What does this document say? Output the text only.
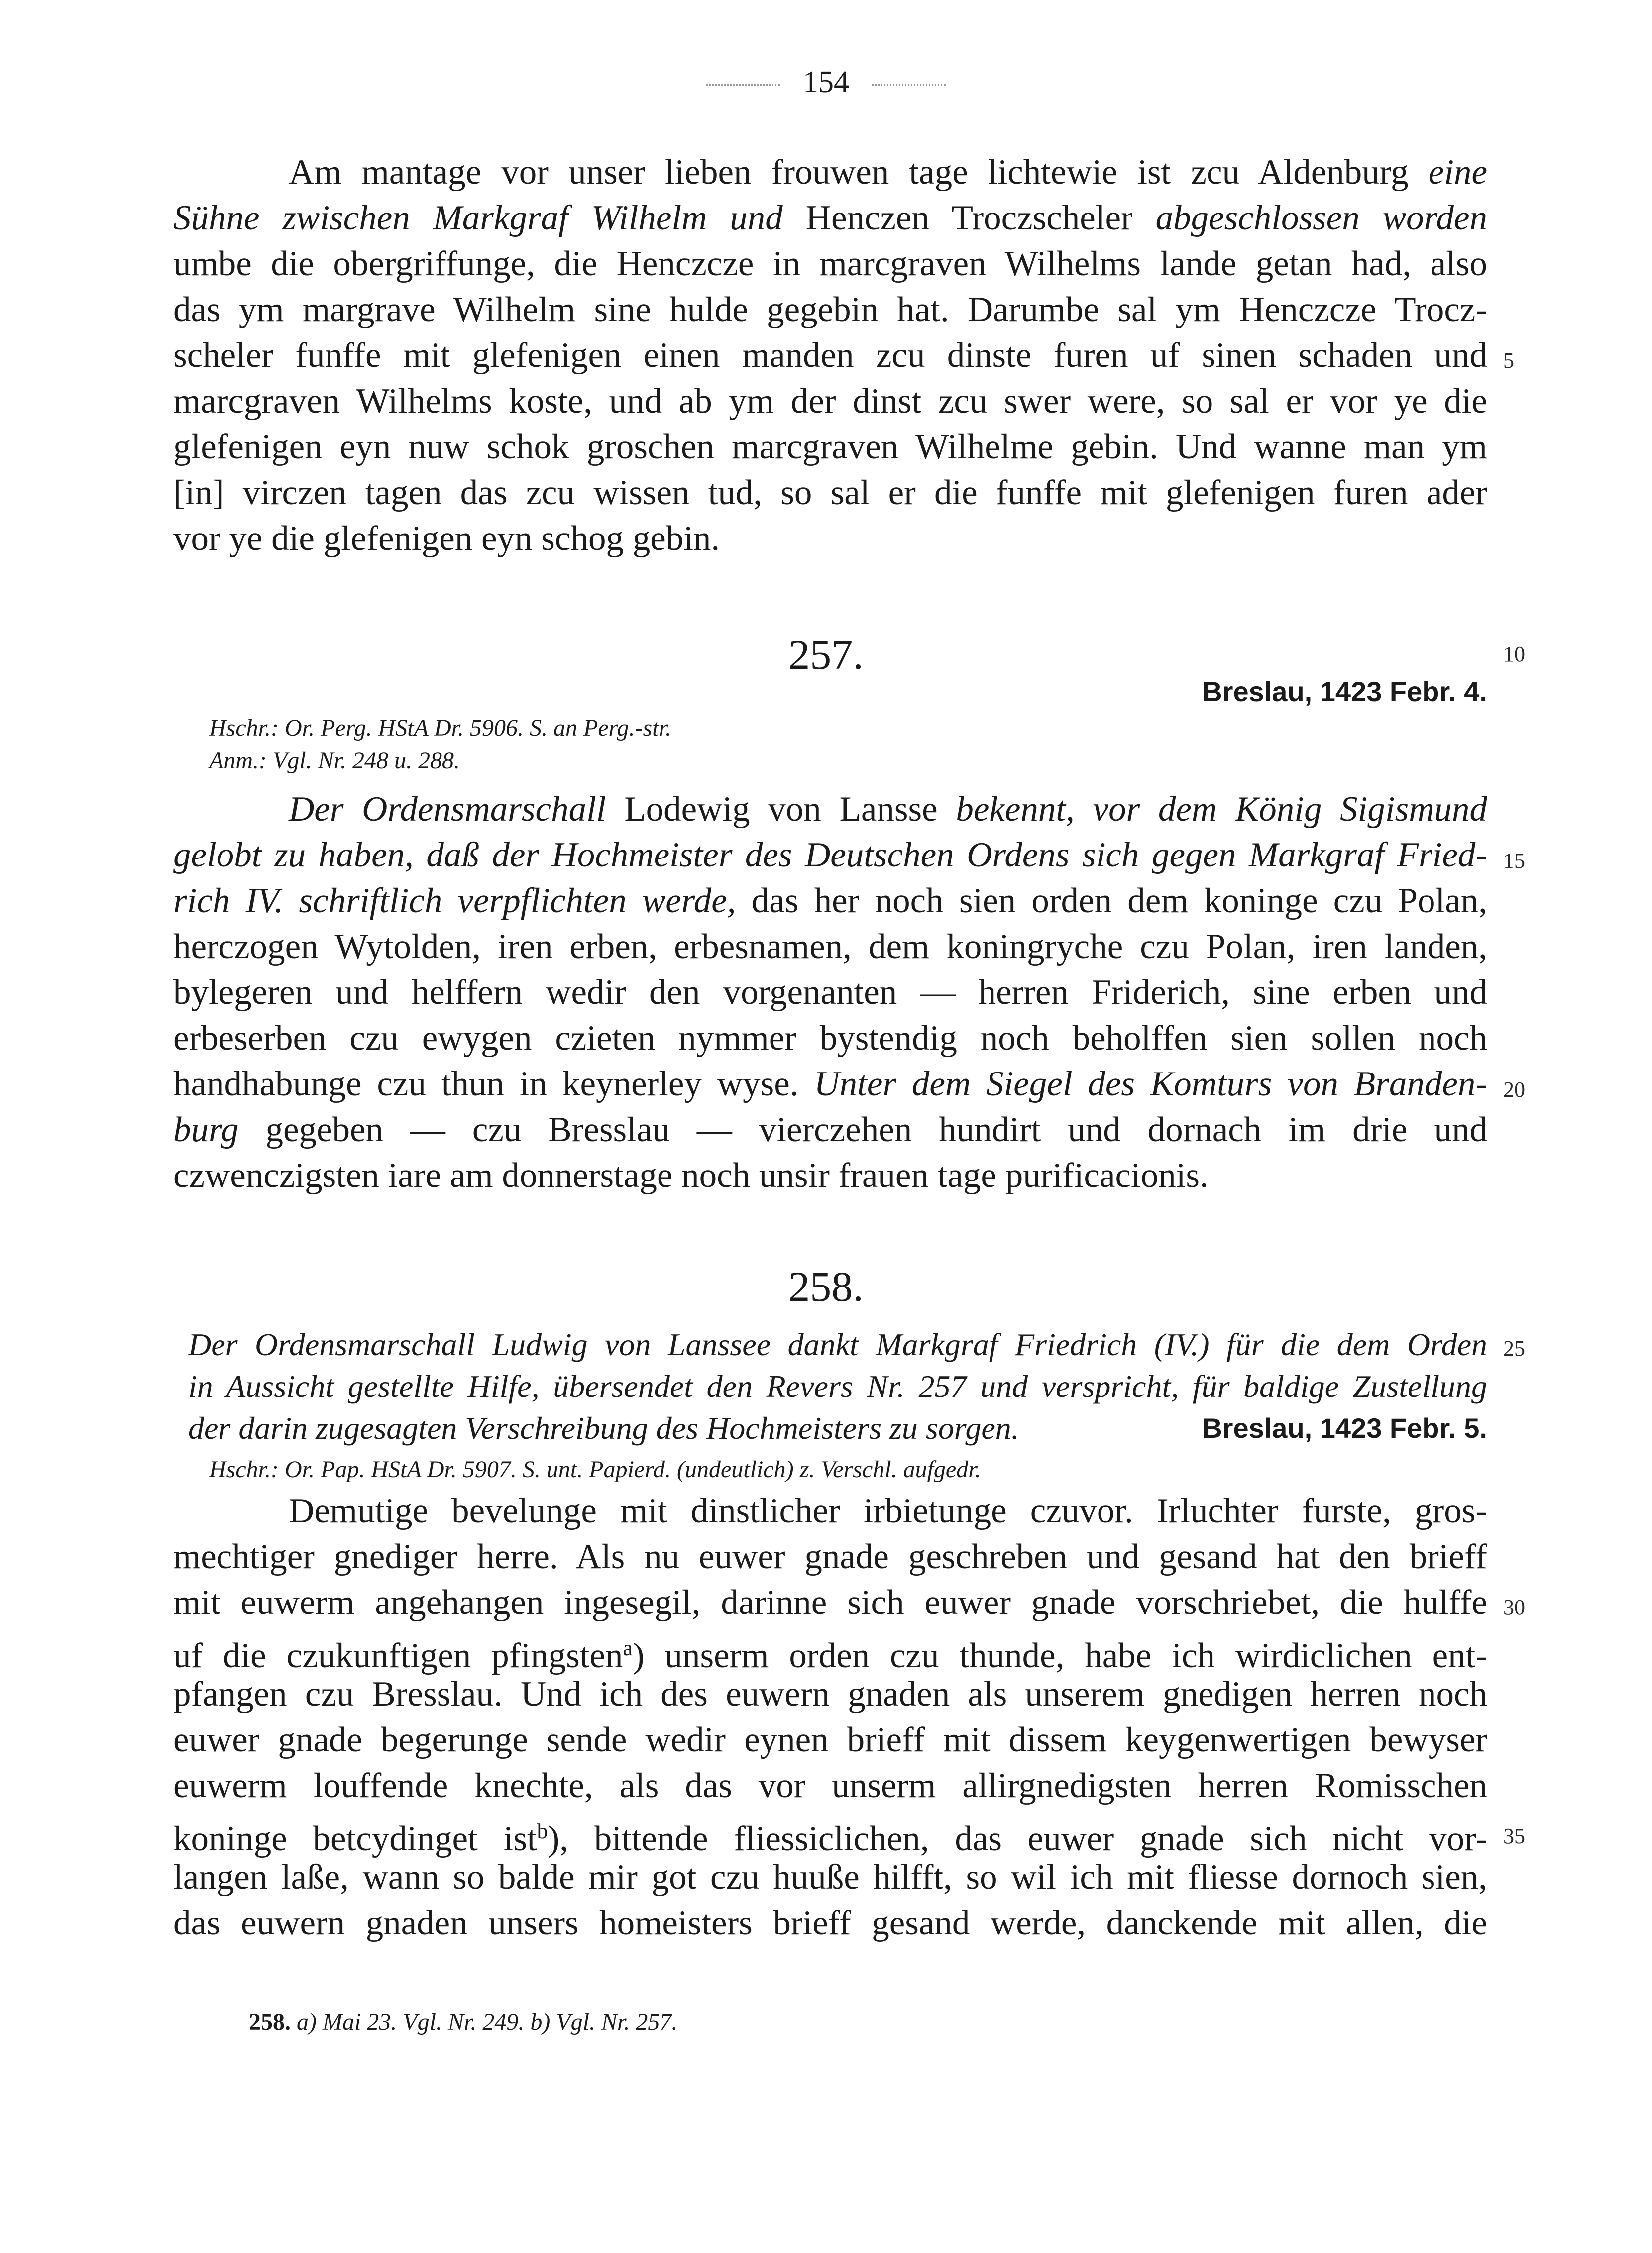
154
Am mantage vor unser lieben frouwen tage lichtewie ist zcu Aldenburg eine
Sühne zwischen Markgraf Wilhelm und Henczen Troczscheler abgeschlossen worden
umbe die obergriffunge, die Henczcze in marcgraven Wilhelms lande getan had, also
das ym margrave Wilhelm sine hulde gegebin hat. Darumbe sal ym Henczcze Trocz-
scheler funffe mit glefenigen einen manden zcu dinste furen uf sinen schaden und
marcgraven Wilhelms koste, und ab ym der dinst zcu swer were, so sal er vor ye die
glefenigen eyn nuw schok groschen marcgraven Wilhelme gebin. Und wanne man ym
[in] virczen tagen das zcu wissen tud, so sal er die funffe mit glefenigen furen ader
vor ye die glefenigen eyn schog gebin.
257.
Breslau, 1423 Febr. 4.
Hschr.: Or. Perg. HStA Dr. 5906. S. an Perg.-str.
Anm.: Vgl. Nr. 248 u. 288.
Der Ordensmarschall Lodewig von Lansse bekennt, vor dem König Sigismund
gelobt zu haben, daß der Hochmeister des Deutschen Ordens sich gegen Markgraf Fried-
rich IV. schriftlich verpflichten werde, das her noch sien orden dem koninge czu Polan,
herczogen Wytolden, iren erben, erbesnamen, dem koningryche czu Polan, iren landen,
bylegeren und helffern wedir den vorgenanten — herren Friderich, sine erben und
erbeserben czu ewygen czieten nymmer bystendig noch beholffen sien sollen noch
handhabunge czu thun in keynerley wyse. Unter dem Siegel des Komturs von Branden-
burg gegeben — czu Bresslau — vierczehen hundirt und dornach im drie und
czwenczigsten iare am donnerstage noch unsir frauen tage purificacionis.
258.
Der Ordensmarschall Ludwig von Lanssee dankt Markgraf Friedrich (IV.) für die dem Orden
in Aussicht gestellte Hilfe, übersendet den Revers Nr. 257 und verspricht, für baldige Zustellung
der darin zugesagten Verschreibung des Hochmeisters zu sorgen.	Breslau, 1423 Febr. 5.
Hschr.: Or. Pap. HStA Dr. 5907. S. unt. Papierd. (undeutlich) z. Verschl. aufgedr.
Demutige bevelunge mit dinstlicher irbietunge czuvor. Irluchter furste, gros-
mechtiger gnediger herre. Als nu euwer gnade geschreben und gesand hat den brieff
mit euwerm angehangen ingesegil, darinne sich euwer gnade vorschriebet, die hulffe
uf die czukunftigen pfingsten$^a$) unserm orden czu thunde, habe ich wirdiclichen ent-
pfangen czu Bresslau. Und ich des euwern gnaden als unserem gnedigen herren noch
euwer gnade begerunge sende wedir eynen brieff mit dissem keygenwertigen bewyser
euwerm louffende knechte, als das vor unserm allirgnedigsten herren Romisschen
koninge betcydinget ist$^b$), bittende fliessiclichen, das euwer gnade sich nicht vor-
langen laße, wann so balde mir got czu huuße hilfft, so wil ich mit fliesse dornoch sien,
das euwern gnaden unsers homeisters brieff gesand werde, danckende mit allen, die
5
10
15
20
25
30
35
258. a) Mai 23. Vgl. Nr. 249. b) Vgl. Nr. 257.
